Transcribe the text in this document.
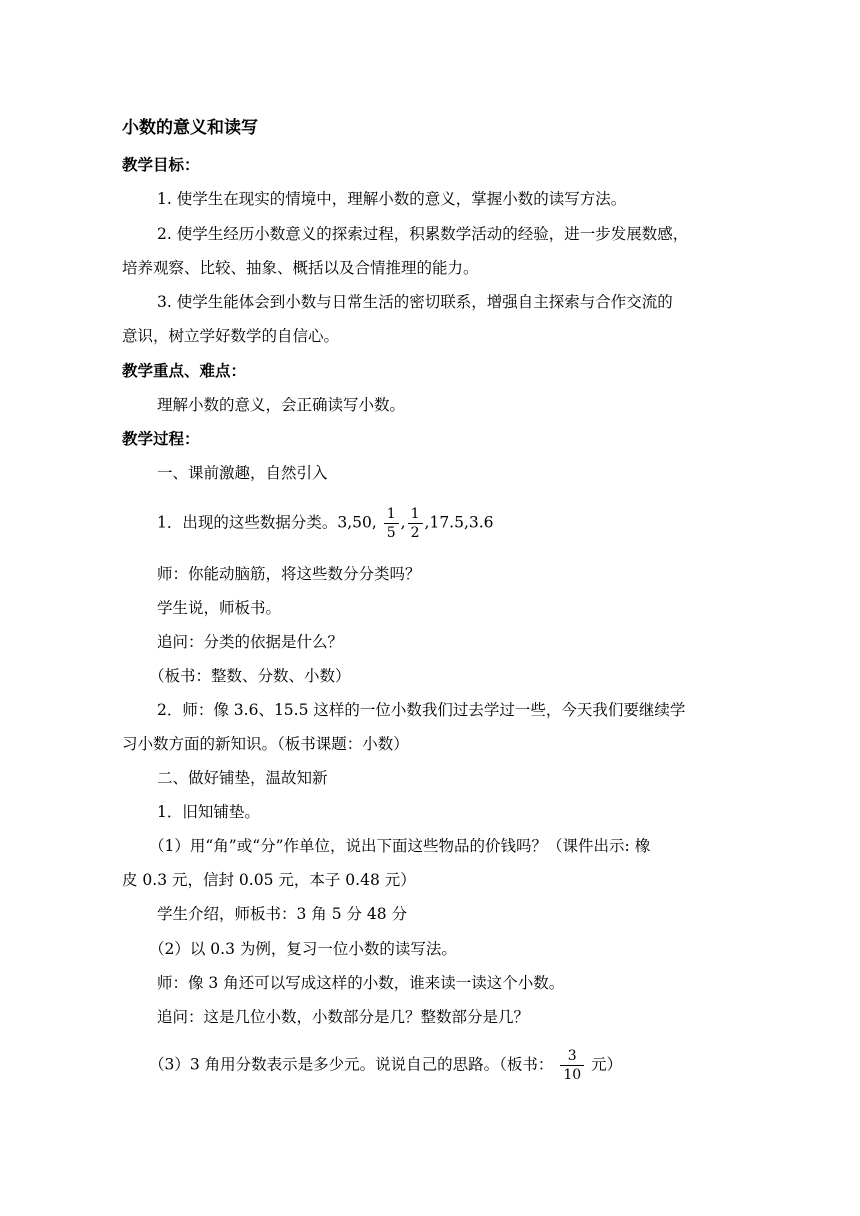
小数的意义和读写
教学目标：
1. 使学生在现实的情境中，理解小数的意义，掌握小数的读写方法。
2. 使学生经历小数意义的探索过程，积累数学活动的经验，进一步发展数感，
培养观察、比较、抽象、概括以及合情推理的能力。
3. 使学生能体会到小数与日常生活的密切联系，增强自主探索与合作交流的
意识，树立学好数学的自信心。
教学重点、难点：
理解小数的意义，会正确读写小数。
教学过程：
一、课前激趣，自然引入
1．出现的这些数据分类。3,50, $\frac{1}{5}$ , $\frac{1}{2} ,17.5,3.6$
师：你能动脑筋，将这些数分分类吗？
学生说，师板书。
追问：分类的依据是什么？
（板书：整数、分数、小数）
2．师：像 3.6、15.5 这样的一位小数我们过去学过一些，今天我们要继续学
习小数方面的新知识。（板书课题：小数）
二、做好铺垫，温故知新
1．旧知铺垫。
（1）用“角”或“分”作单位，说出下面这些物品的价钱吗？（课件出示: 橡
皮 0.3 元，信封 0.05 元，本子 0.48 元）
学生介绍，师板书：3 角 5 分 48 分
（2）以 0.3 为例，复习一位小数的读写法。
师：像 3 角还可以写成这样的小数，谁来读一读这个小数。
追问：这是几位小数，小数部分是几？整数部分是几？
（3）3 角用分数表示是多少元。说说自己的思路。（板书： $\frac{3}{10}$ 元）
